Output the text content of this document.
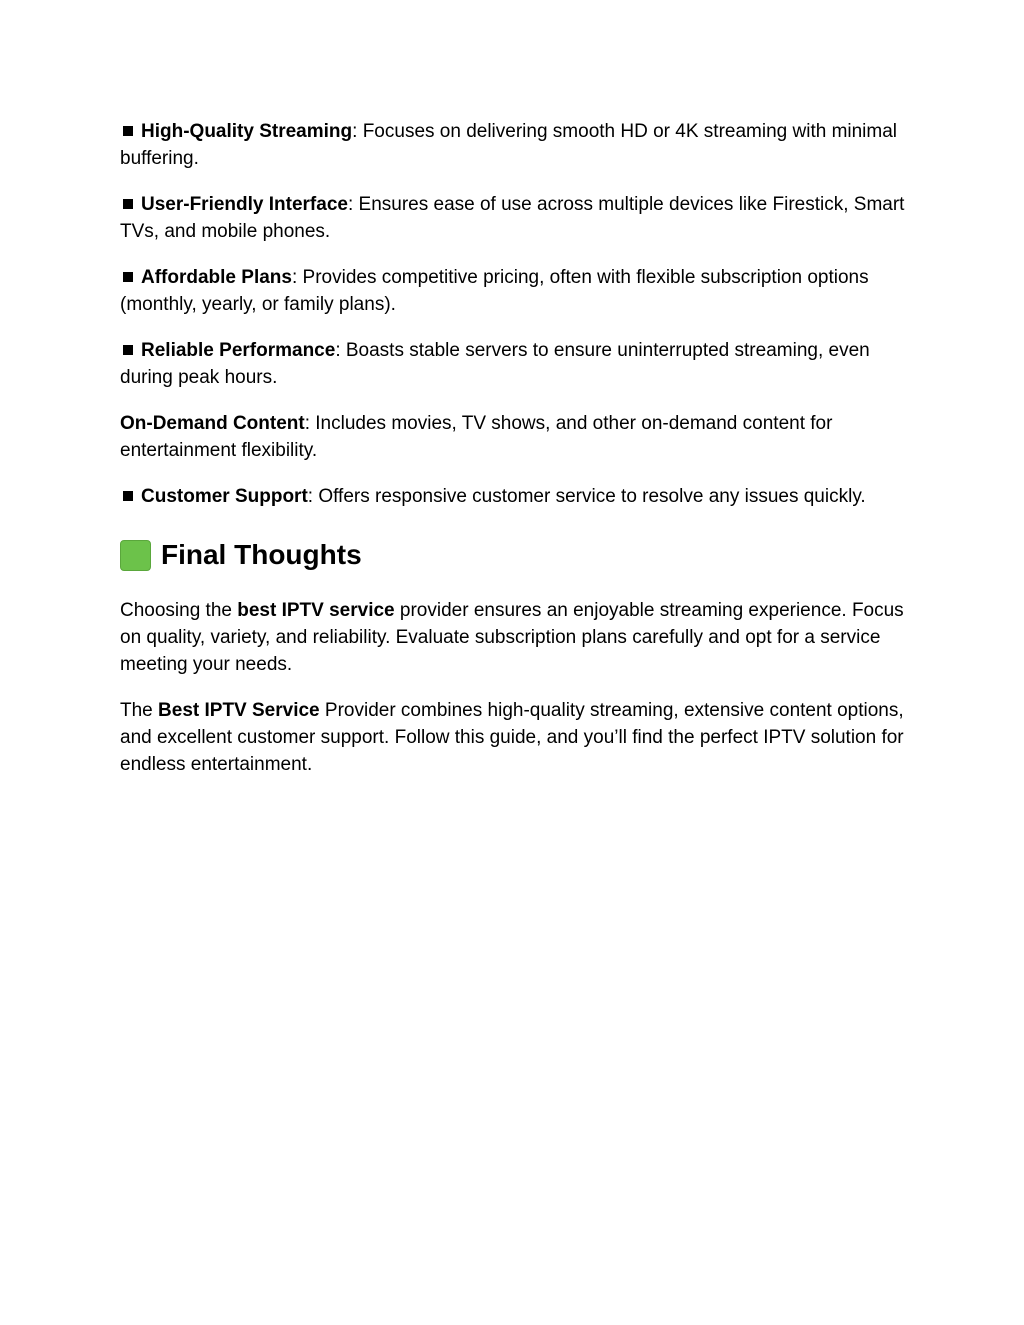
High-Quality Streaming: Focuses on delivering smooth HD or 4K streaming with minimal buffering.

User-Friendly Interface: Ensures ease of use across multiple devices like Firestick, Smart TVs, and mobile phones.

Affordable Plans: Provides competitive pricing, often with flexible subscription options (monthly, yearly, or family plans).

Reliable Performance: Boasts stable servers to ensure uninterrupted streaming, even during peak hours.

On-Demand Content: Includes movies, TV shows, and other on-demand content for entertainment flexibility.

Customer Support: Offers responsive customer service to resolve any issues quickly.

Final Thoughts

Choosing the best IPTV service provider ensures an enjoyable streaming experience. Focus on quality, variety, and reliability. Evaluate subscription plans carefully and opt for a service meeting your needs.

The Best IPTV Service Provider combines high-quality streaming, extensive content options, and excellent customer support. Follow this guide, and you’ll find the perfect IPTV solution for endless entertainment.
